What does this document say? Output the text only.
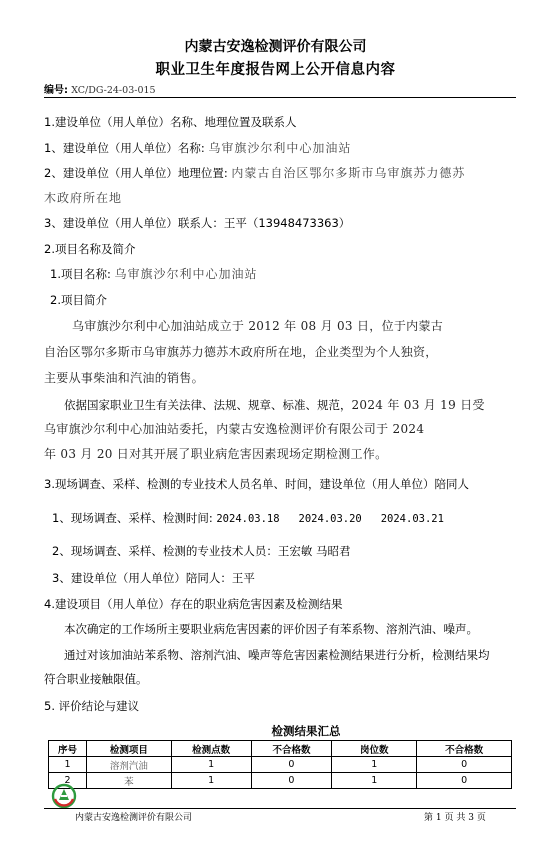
内蒙古安逸检测评价有限公司
职业卫生年度报告网上公开信息内容
编号: XC/DG-24-03-015
1.建设单位（用人单位）名称、地理位置及联系人
1、建设单位（用人单位）名称: 乌审旗沙尔利中心加油站
2、建设单位（用人单位）地理位置: 内蒙古自治区鄂尔多斯市乌审旗苏力德苏
木政府所在地
3、建设单位（用人单位）联系人：王平（13948473363）
2.项目名称及简介
1.项目名称: 乌审旗沙尔利中心加油站
2.项目简介
乌审旗沙尔利中心加油站成立于 2012 年 08 月 03 日，位于内蒙古
自治区鄂尔多斯市乌审旗苏力德苏木政府所在地，企业类型为个人独资，
主要从事柴油和汽油的销售。
依据国家职业卫生有关法律、法规、规章、标准、规范，2024 年 03 月 19 日受
乌审旗沙尔利中心加油站委托，内蒙古安逸检测评价有限公司于 2024
年 03 月 20 日对其开展了职业病危害因素现场定期检测工作。
3.现场调查、采样、检测的专业技术人员名单、时间，建设单位（用人单位）陪同人
1、现场调查、采样、检测时间: 2024.03.18   2024.03.20   2024.03.21
2、现场调查、采样、检测的专业技术人员：王宏敏 马昭君
3、建设单位（用人单位）陪同人：王平
4.建设项目（用人单位）存在的职业病危害因素及检测结果
本次确定的工作场所主要职业病危害因素的评价因子有苯系物、溶剂汽油、噪声。
通过对该加油站苯系物、溶剂汽油、噪声等危害因素检测结果进行分析，检测结果均
符合职业接触限值。
5. 评价结论与建议
检测结果汇总
序号	检测项目	检测点数	不合格数	岗位数	不合格数
1	溶剂汽油	1	0	1	0
2	苯	1	0	1	0
内蒙古安逸检测评价有限公司	第 1 页 共 3 页
